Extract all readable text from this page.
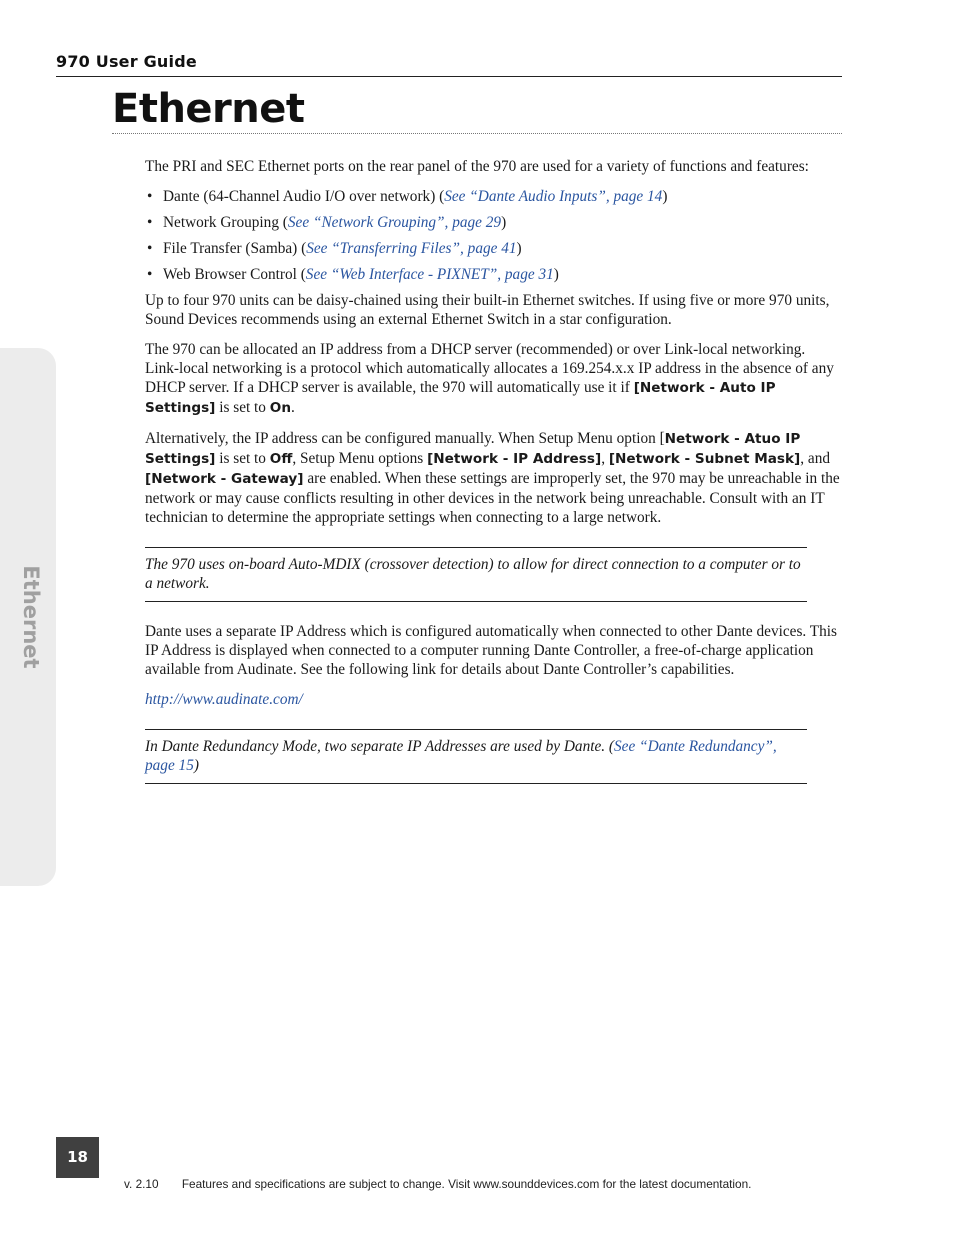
970 User Guide
Ethernet
Ethernet

The PRI and SEC Ethernet ports on the rear panel of the 970 are used for a variety of functions and features:

• Dante (64-Channel Audio I/O over network) (See “Dante Audio Inputs”, page 14)
• Network Grouping (See “Network Grouping”, page 29)
• File Transfer (Samba) (See “Transferring Files”, page 41)
• Web Browser Control (See “Web Interface - PIXNET”, page 31)

Up to four 970 units can be daisy-chained using their built-in Ethernet switches. If using five or more 970 units, Sound Devices recommends using an external Ethernet Switch in a star configuration.

The 970 can be allocated an IP address from a DHCP server (recommended) or over Link-local networking. Link-local networking is a protocol which automatically allocates a 169.254.x.x IP address in the absence of any DHCP server. If a DHCP server is available, the 970 will automatically use it if [Network - Auto IP Settings] is set to On.

Alternatively, the IP address can be configured manually. When Setup Menu option [Network - Atuo IP Settings] is set to Off, Setup Menu options [Network - IP Address], [Network - Subnet Mask], and [Network - Gateway] are enabled. When these settings are improperly set, the 970 may be unreachable in the network or may cause conflicts resulting in other devices in the network being unreachable. Consult with an IT technician to determine the appropriate settings when connecting to a large network.

The 970 uses on-board Auto-MDIX (crossover detection) to allow for direct connection to a computer or to a network.

Dante uses a separate IP Address which is configured automatically when connected to other Dante devices. This IP Address is displayed when connected to a computer running Dante Controller, a free-of-charge application available from Audinate. See the following link for details about Dante Controller’s capabilities.

http://www.audinate.com/

In Dante Redundancy Mode, two separate IP Addresses are used by Dante. (See “Dante Redundancy”, page 15)

18
v. 2.10 Features and specifications are subject to change. Visit www.sounddevices.com for the latest documentation.
